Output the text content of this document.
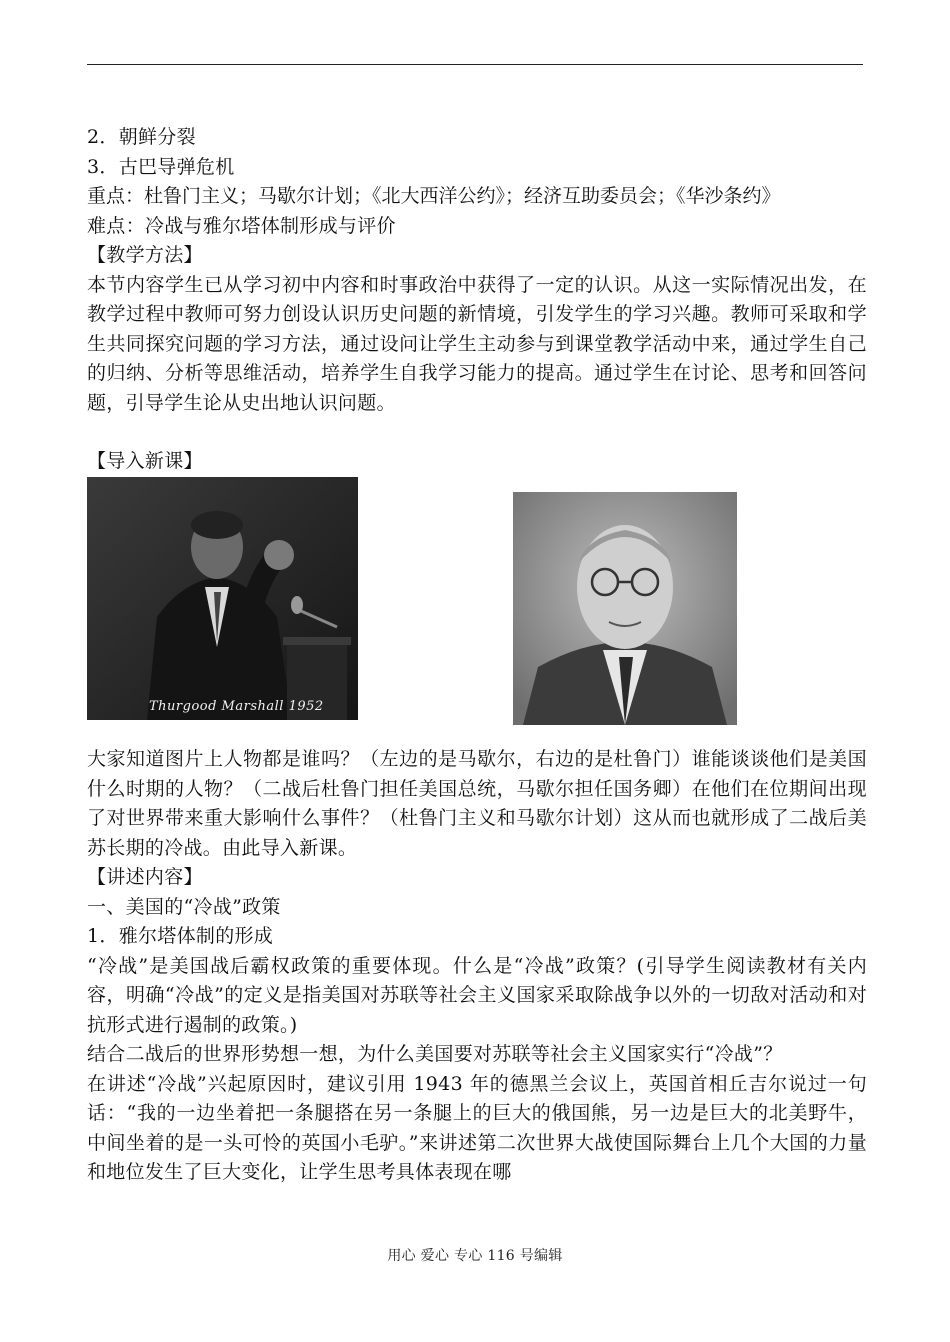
2．朝鲜分裂

3．古巴导弹危机

重点：杜鲁门主义；马歇尔计划；《北大西洋公约》；经济互助委员会；《华沙条约》

难点：冷战与雅尔塔体制形成与评价

【教学方法】

本节内容学生已从学习初中内容和时事政治中获得了一定的认识。从这一实际情况出发，在教学过程中教师可努力创设认识历史问题的新情境，引发学生的学习兴趣。教师可采取和学生共同探究问题的学习方法，通过设问让学生主动参与到课堂教学活动中来，通过学生自己的归纳、分析等思维活动，培养学生自我学习能力的提高。通过学生在讨论、思考和回答问题，引导学生论从史出地认识问题。

【导入新课】

Thurgood Marshall 1952

大家知道图片上人物都是谁吗？（左边的是马歇尔，右边的是杜鲁门）谁能谈谈他们是美国什么时期的人物？（二战后杜鲁门担任美国总统，马歇尔担任国务卿）在他们在位期间出现了对世界带来重大影响什么事件？（杜鲁门主义和马歇尔计划）这从而也就形成了二战后美苏长期的冷战。由此导入新课。

【讲述内容】

一、美国的“冷战”政策

1．雅尔塔体制的形成

“冷战”是美国战后霸权政策的重要体现。什么是“冷战”政策？(引导学生阅读教材有关内容，明确“冷战”的定义是指美国对苏联等社会主义国家采取除战争以外的一切敌对活动和对抗形式进行遏制的政策。)

结合二战后的世界形势想一想，为什么美国要对苏联等社会主义国家实行“冷战”？

在讲述“冷战”兴起原因时，建议引用 1943 年的德黑兰会议上，英国首相丘吉尔说过一句话：“我的一边坐着把一条腿搭在另一条腿上的巨大的俄国熊，另一边是巨大的北美野牛，中间坐着的是一头可怜的英国小毛驴。”来讲述第二次世界大战使国际舞台上几个大国的力量和地位发生了巨大变化，让学生思考具体表现在哪

用心 爱心 专心 116 号编辑
